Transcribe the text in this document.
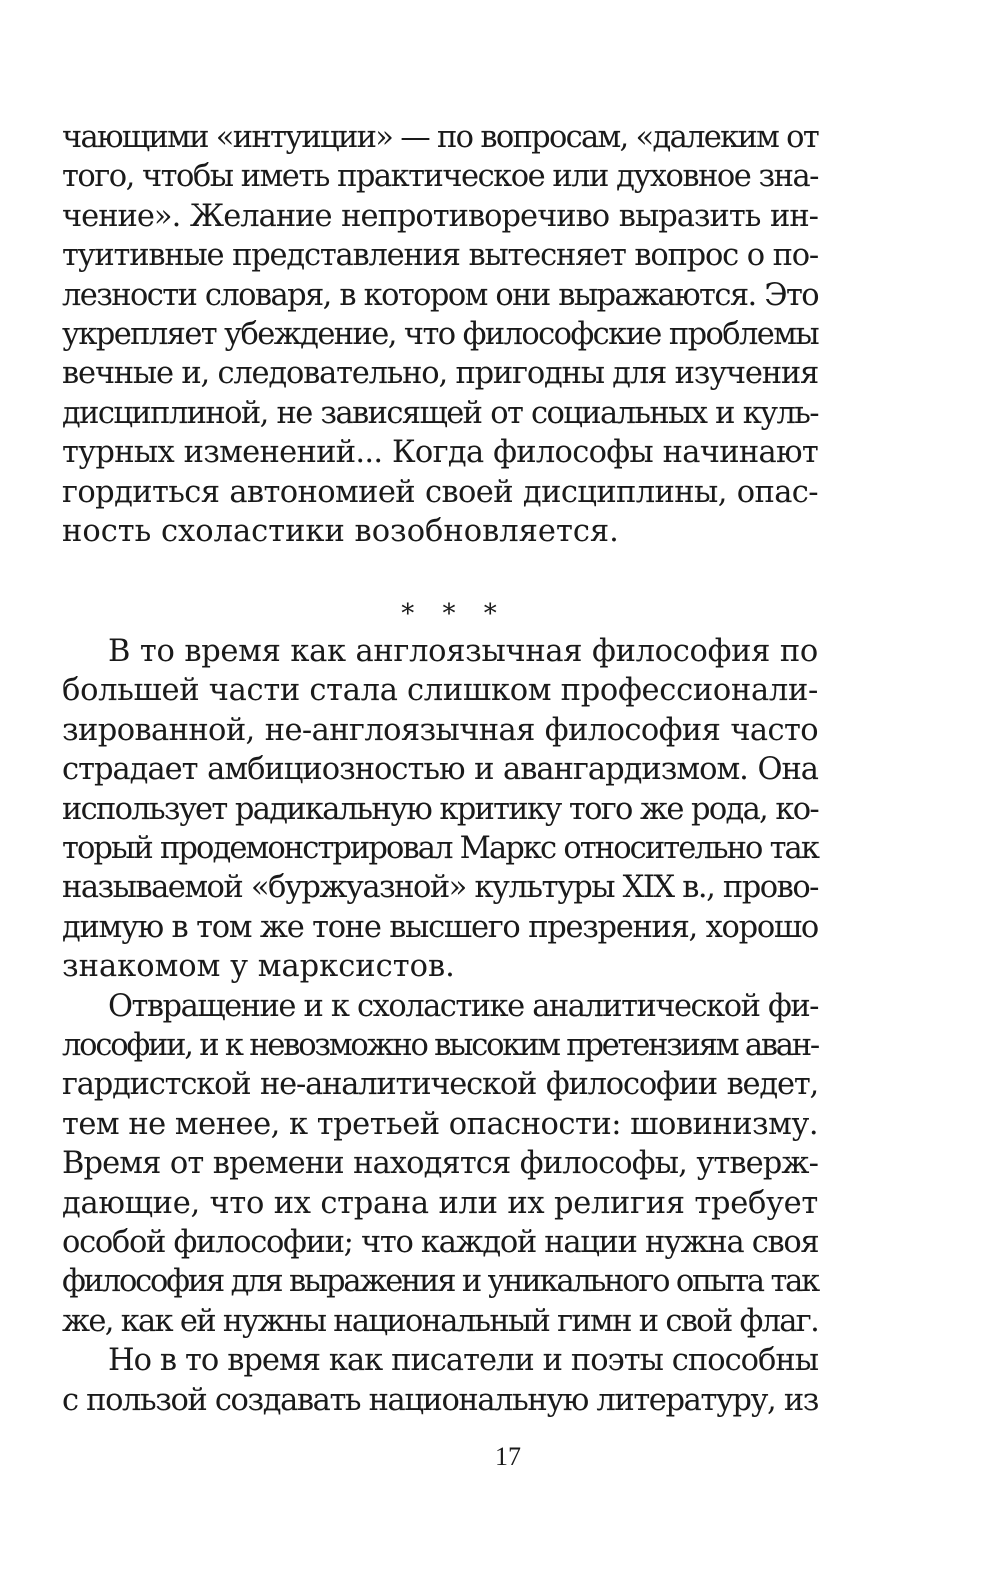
чающими «интуиции» — по вопросам, «далеким от
того, чтобы иметь практическое или духовное зна-
чение». Желание непротиворечиво выразить ин-
туитивные представления вытесняет вопрос о по-
лезности словаря, в котором они выражаются. Это
укрепляет убеждение, что философские проблемы
вечные и, следовательно, пригодны для изучения
дисциплиной, не зависящей от социальных и куль-
турных изменений... Когда философы начинают
гордиться автономией своей дисциплины, опас-
ность схоластики возобновляется.
* * *
В то время как англоязычная философия по
большей части стала слишком профессионали-
зированной, не-англоязычная философия часто
страдает амбициозностью и авангардизмом. Она
использует радикальную критику того же рода, ко-
торый продемонстрировал Маркс относительно так
называемой «буржуазной» культуры XIX в., прово-
димую в том же тоне высшего презрения, хорошо
знакомом у марксистов.
Отвращение и к схоластике аналитической фи-
лософии, и к невозможно высоким претензиям аван-
гардистской не-аналитической философии ведет,
тем не менее, к третьей опасности: шовинизму.
Время от времени находятся философы, утверж-
дающие, что их страна или их религия требует
особой философии; что каждой нации нужна своя
философия для выражения и уникального опыта так
же, как ей нужны национальный гимн и свой флаг.
Но в то время как писатели и поэты способны
с пользой создавать национальную литературу, из
17
